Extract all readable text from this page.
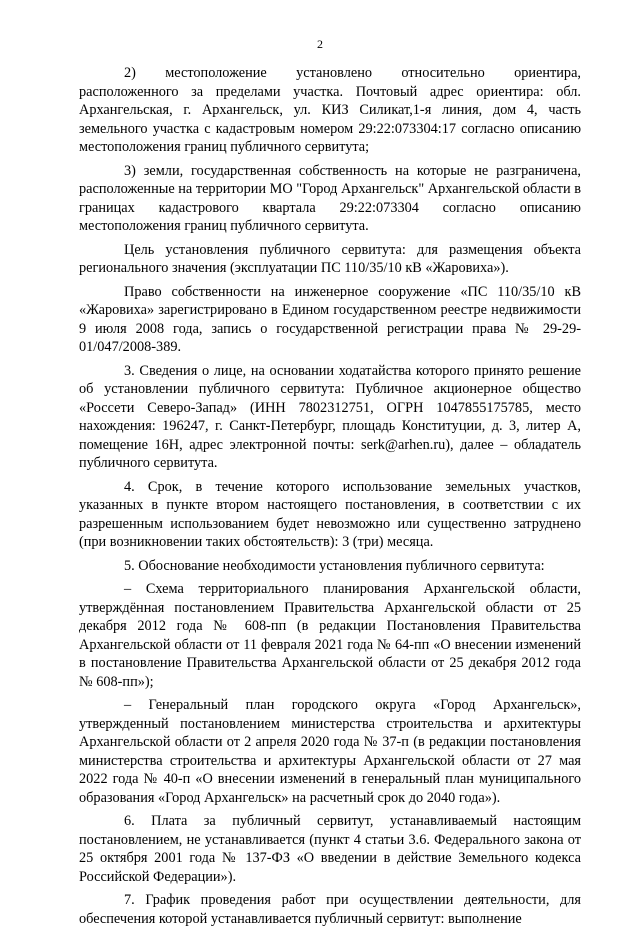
2

2) местоположение установлено относительно ориентира, расположенного за пределами участка. Почтовый адрес ориентира: обл. Архангельская, г. Архангельск, ул. КИЗ Силикат,1-я линия, дом 4, часть земельного участка с кадастровым номером 29:22:073304:17 согласно описанию местоположения границ публичного сервитута;

3) земли, государственная собственность на которые не разграничена, расположенные на территории МО "Город Архангельск" Архангельской области в границах кадастрового квартала 29:22:073304 согласно описанию местоположения границ публичного сервитута.

Цель установления публичного сервитута: для размещения объекта регионального значения (эксплуатации ПС 110/35/10 кВ «Жаровиха»).

Право собственности на инженерное сооружение «ПС 110/35/10 кВ «Жаровиха» зарегистрировано в Едином государственном реестре недвижимости 9 июля 2008 года, запись о государственной регистрации права № 29-29-01/047/2008-389.

3. Сведения о лице, на основании ходатайства которого принято решение об установлении публичного сервитута: Публичное акционерное общество «Россети Северо-Запад» (ИНН 7802312751, ОГРН 1047855175785, место нахождения: 196247, г. Санкт-Петербург, площадь Конституции, д. 3, литер А, помещение 16Н, адрес электронной почты: serk@arhen.ru), далее – обладатель публичного сервитута.

4. Срок, в течение которого использование земельных участков, указанных в пункте втором настоящего постановления, в соответствии с их разрешенным использованием будет невозможно или существенно затруднено (при возникновении таких обстоятельств): 3 (три) месяца.

5. Обоснование необходимости установления публичного сервитута:

– Схема территориального планирования Архангельской области, утверждённая постановлением Правительства Архангельской области от 25 декабря 2012 года № 608-пп (в редакции Постановления Правительства Архангельской области от 11 февраля 2021 года № 64-пп «О внесении изменений в постановление Правительства Архангельской области от 25 декабря 2012 года № 608-пп»);

– Генеральный план городского округа «Город Архангельск», утвержденный постановлением министерства строительства и архитектуры Архангельской области от 2 апреля 2020 года № 37-п (в редакции постановления министерства строительства и архитектуры Архангельской области от 27 мая 2022 года № 40-п «О внесении изменений в генеральный план муниципального образования «Город Архангельск» на расчетный срок до 2040 года»).

6. Плата за публичный сервитут, устанавливаемый настоящим постановлением, не устанавливается (пункт 4 статьи 3.6. Федерального закона от 25 октября 2001 года № 137-ФЗ «О введении в действие Земельного кодекса Российской Федерации»).

7. График проведения работ при осуществлении деятельности, для обеспечения которой устанавливается публичный сервитут: выполнение
